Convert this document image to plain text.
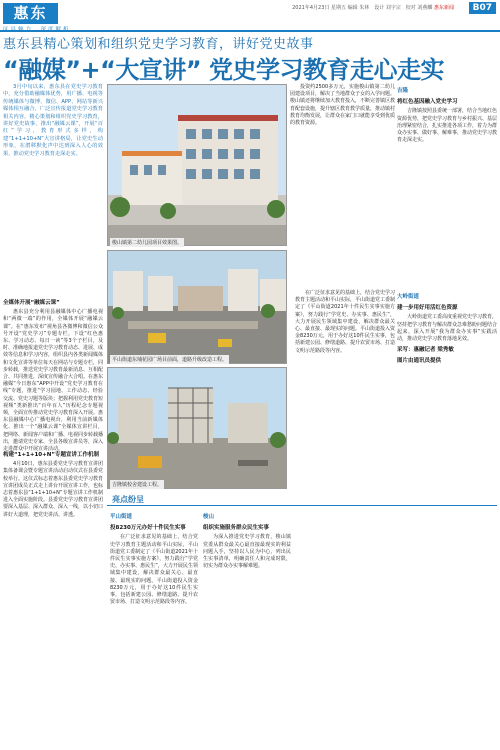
惠东	2021年4月23日 星期五 编辑 朱林　设计 刘宇宗　校对 刘燕麟 惠东新闻	B07
惠东县精心策划和组织党史学习教育，讲好党史故事
“融媒”+“大宣讲” 党史学习教育走心走实

3月中旬以来，惠东县在党史学习教育中，充分借助融媒体优势，用广播、电视等传统媒体与微博、微信、APP、网站等新兴媒体相互融合，广泛宣传报道党史学习教育相关内容，精心策划和组织党史学习教育，讲好党史故事，推出“融媒云课”，开展“百红”学习，教育形式多样，构建“1+1+10+N”大宣讲格局，让党史生动形象，在潜移默化声中达到深入人心的效果，推动党史学习教育走深走实。

全媒体开展“融媒云课”

惠东县充分利用县融媒体中心广播电视和“两微一端”的作用，全媒体开展“融媒云课”。在“惠东发布”视角县各微博和微信公众号开设“党史学习”专题专栏，下设“红色惠东、学习动态、每日一读”等3个子栏目，及时、准确地报道党史学习教育动态、进展、成效等信息和学习内容，组织县内各类新闻媒体和文化宣讲等单位每天在网站与专题专栏，同步转载，推送党史学习教育最新消息、互相配合、共同推进，深度宣传融合大合唱。在惠东融媒“今日惠东”APP中开设“党史学习教育在线”专题，推进“学习园地、工作动态、经验交流、党史习题等版块；把握利用党史教育短视频”类新推出“百年百人”历程纪念专题视频，全面宣传推动党史学习教育深入开展。惠东县融媒中心广播电视台，利用当前新媒体化、推出一个“融媒云课”全媒体宣讲栏目，把网络、新闻客户端和广播、电视同步转载播出，邀请党史专家、全县各级宣讲员等，深入走进群众中开展宣讲活动。

构建“1+1+10+N”专题宣讲工作机制

4月10日，惠东县委党史学习教育宣讲团集体备课会暨专题宣讲活动启动仪式在县委党校举行。这仪式标志着惠东县委党史学习教育宣讲团成员正式走上讲台开展宣讲工作，也标志着惠东县“1+1+10+N”专题宣讲工作机制进入全面实施阶段。县委党史学习教育宣讲团要深入基层、深入群众、深入一线，以小切口讲好大道理，把党史讲活、讲透。

梭山镇第二幼儿园项目效果图。
平山街道东埔花园广场目前面，道路升级改造工程。
吉隆镇校舍建设工程。

投资约2500多万元，实施梭山镇第二幼儿园建设项目，解决了当地群众子女的入学问题。梭山镇还将继续加大教育投入，不断完善镇区教育配套设施，提升辖区教育教学质量，推动镇村教育均衡发展，让群众在家门口就能享受到优质的教育资源。

吉隆
将红色基因融入党史学习

吉隆镇按照县委统一部署，结合当地红色资源优势，把党史学习教育与乡村振兴、基层治理紧密结合，扎实推进各项工作，着力为群众办实事、做好事、解难事，推动党史学习教育走深走实。

亮点纷呈
平山街道
投8230万元办好十件民生实事

在广泛征求意见的基础上，结合党史学习教育主题活动和平山实际，平山街道党工委制定了《平山街道2021年十件民生实事实施方案》，努力践行“学党史、办实事、惠民生”，大力开展民生领域集中建设，解决群众最关心、最直接、最现实的问题。平山街道投入资金8230万元，用于办好这10件民生实事，包括新建公园、修缮道路、提升农贸市场、打造文明示范路段等内容。

梭山
组织实施服务群众民生实事

为深入推进党史学习教育，梭山镇党委从群众最关心最直接最现实的利益问题入手，坚持以人民为中心，列出民生实事清单，明确责任人和完成时限，切实为群众办实事解难题。

在广泛征求意见的基础上，结合党史学习教育主题活动和平山实际，平山街道党工委制定了《平山街道2021年十件民生实事实施方案》，努力践行“学党史、办实事、惠民生”，大力开展民生领域集中建设，解决群众最关心、最直接、最现实的问题。平山街道投入资金8230万元，用于办好这10件民生实事，包括新建公园、修缮道路、提升农贸市场、打造文明示范路段等内容。

大岭街道
建一步用好用活红色资源

大岭街道党工委高度重视党史学习教育，坚持把学习教育与解决群众急难愁盼问题结合起来，深入开展“我为群众办实事”实践活动，推动党史学习教育落地见效。

采写：惠融记者 梁秀敏
图片由通讯员提供
